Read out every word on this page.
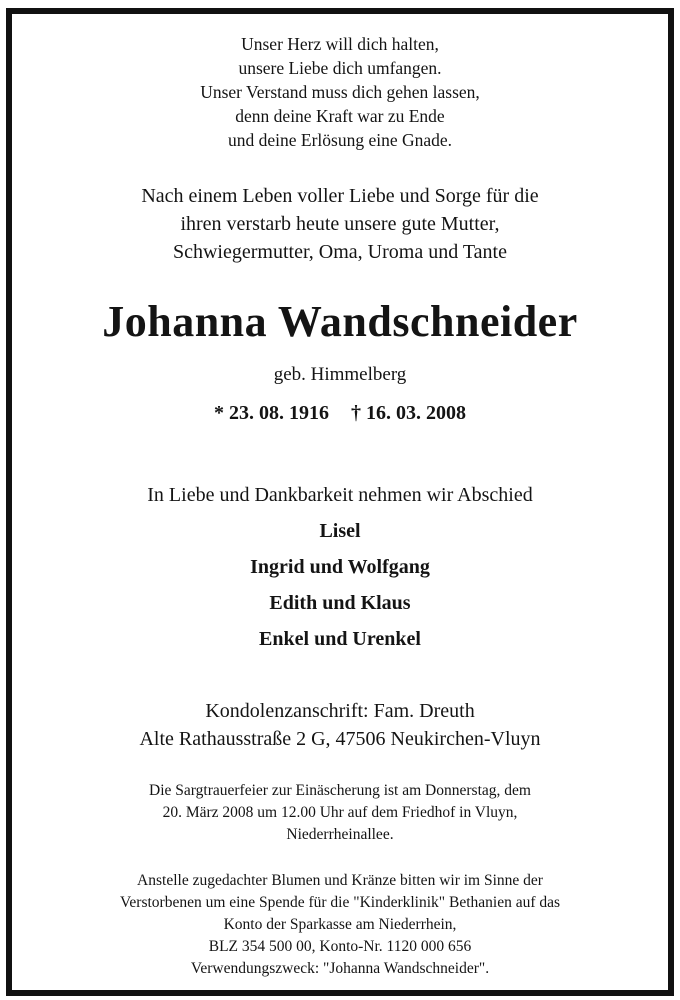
Unser Herz will dich halten,
unsere Liebe dich umfangen.
Unser Verstand muss dich gehen lassen,
denn deine Kraft war zu Ende
und deine Erlösung eine Gnade.
Nach einem Leben voller Liebe und Sorge für die
ihren verstarb heute unsere gute Mutter,
Schwiegermutter, Oma, Uroma und Tante
Johanna Wandschneider
geb. Himmelberg
* 23. 08. 1916 † 16. 03. 2008
In Liebe und Dankbarkeit nehmen wir Abschied
Lisel
Ingrid und Wolfgang
Edith und Klaus
Enkel und Urenkel
Kondolenzanschrift: Fam. Dreuth
Alte Rathausstraße 2 G, 47506 Neukirchen-Vluyn
Die Sargtrauerfeier zur Einäscherung ist am Donnerstag, dem
20. März 2008 um 12.00 Uhr auf dem Friedhof in Vluyn,
Niederrheinallee.
Anstelle zugedachter Blumen und Kränze bitten wir im Sinne der
Verstorbenen um eine Spende für die "Kinderklinik" Bethanien auf das
Konto der Sparkasse am Niederrhein,
BLZ 354 500 00, Konto-Nr. 1120 000 656
Verwendungszweck: "Johanna Wandschneider".
